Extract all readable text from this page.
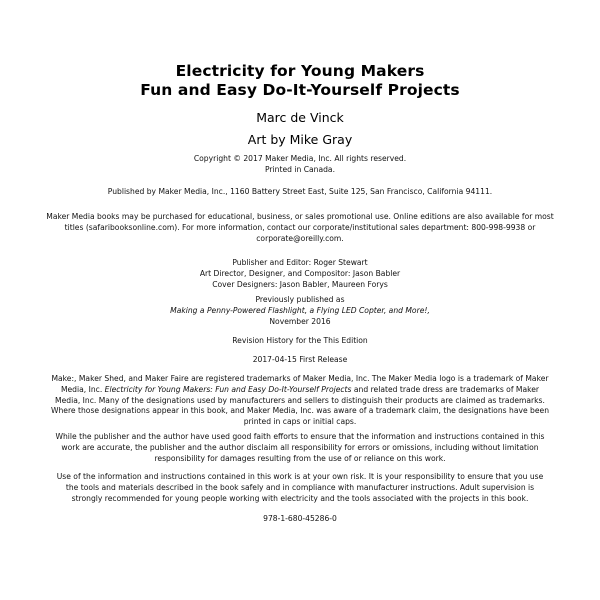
Electricity for Young Makers
Fun and Easy Do-It-Yourself Projects
Marc de Vinck
Art by Mike Gray
Copyright © 2017 Maker Media, Inc. All rights reserved.
Printed in Canada.
Published by Maker Media, Inc., 1160 Battery Street East, Suite 125, San Francisco, California 94111.
Maker Media books may be purchased for educational, business, or sales promotional use. Online editions are also available for most
titles (safaribooksonline.com). For more information, contact our corporate/institutional sales department: 800-998-9938 or
corporate@oreilly.com.
Publisher and Editor: Roger Stewart
Art Director, Designer, and Compositor: Jason Babler
Cover Designers: Jason Babler, Maureen Forys
Previously published as
Making a Penny-Powered Flashlight, a Flying LED Copter, and More!,
November 2016
Revision History for the This Edition
2017-04-15 First Release
Make:, Maker Shed, and Maker Faire are registered trademarks of Maker Media, Inc. The Maker Media logo is a trademark of Maker
Media, Inc. Electricity for Young Makers: Fun and Easy Do-It-Yourself Projects and related trade dress are trademarks of Maker
Media, Inc. Many of the designations used by manufacturers and sellers to distinguish their products are claimed as trademarks.
Where those designations appear in this book, and Maker Media, Inc. was aware of a trademark claim, the designations have been
printed in caps or initial caps.
While the publisher and the author have used good faith efforts to ensure that the information and instructions contained in this
work are accurate, the publisher and the author disclaim all responsibility for errors or omissions, including without limitation
responsibility for damages resulting from the use of or reliance on this work.
Use of the information and instructions contained in this work is at your own risk. It is your responsibility to ensure that you use
the tools and materials described in the book safely and in compliance with manufacturer instructions. Adult supervision is
strongly recommended for young people working with electricity and the tools associated with the projects in this book.
978-1-680-45286-0
